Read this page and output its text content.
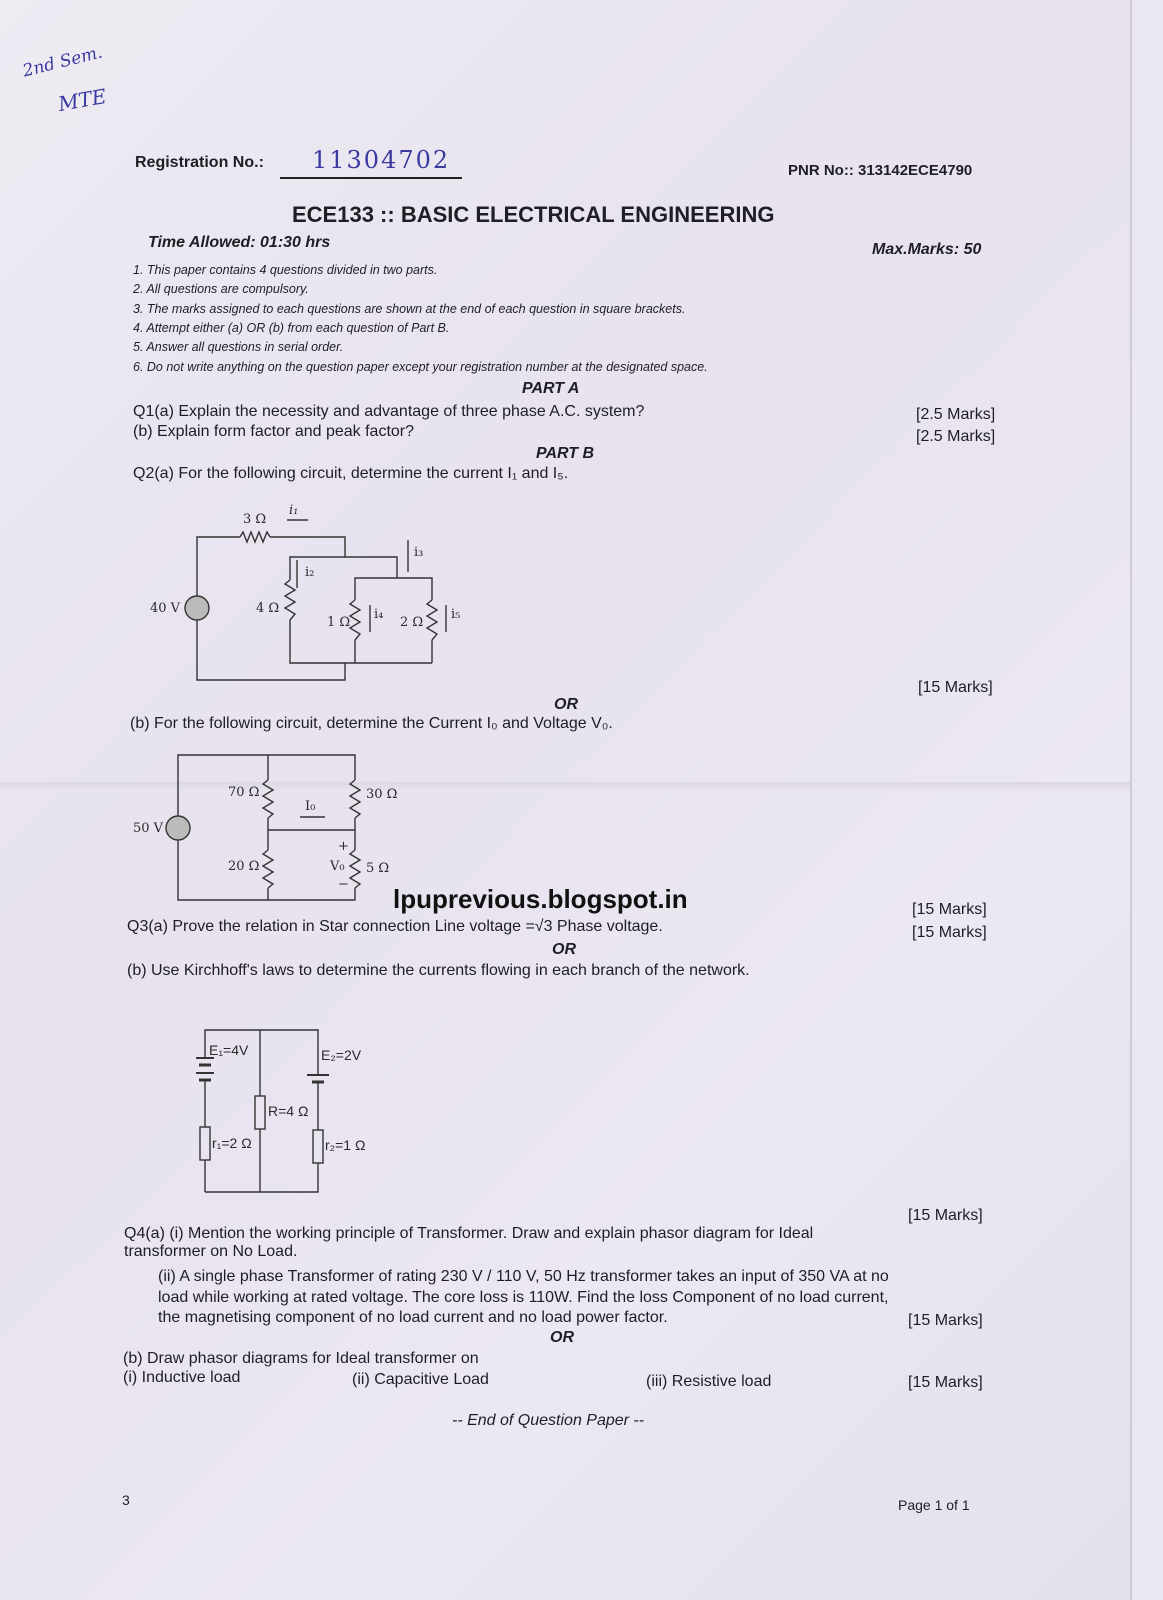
2nd Sem.
MTE
Registration No.: 11304702	PNR No:: 313142ECE4790
ECE133 :: BASIC ELECTRICAL ENGINEERING
Time Allowed: 01:30 hrs	Max.Marks: 50
1. This paper contains 4 questions divided in two parts.
2. All questions are compulsory.
3. The marks assigned to each questions are shown at the end of each question in square brackets.
4. Attempt either (a) OR (b) from each question of Part B.
5. Answer all questions in serial order.
6. Do not write anything on the question paper except your registration number at the designated space.
PART A
Q1(a) Explain the necessity and advantage of three phase A.C. system?	[2.5 Marks]
(b) Explain form factor and peak factor?	[2.5 Marks]
PART B
Q2(a) For the following circuit, determine the current I₁ and I₅.
[15 Marks]
OR
(b) For the following circuit, determine the Current I₀ and Voltage V₀.
lpuprevious.blogspot.in	[15 Marks]
Q3(a) Prove the relation in Star connection Line voltage =√3 Phase voltage.	[15 Marks]
OR
(b) Use Kirchhoff's laws to determine the currents flowing in each branch of the network.
[15 Marks]
Q4(a) (i) Mention the working principle of Transformer. Draw and explain phasor diagram for Ideal
transformer on No Load.
(ii) A single phase Transformer of rating 230 V / 110 V, 50 Hz transformer takes an input of 350 VA at no
load while working at rated voltage. The core loss is 110W. Find the loss Component of no load current,
the magnetising component of no load current and no load power factor.	[15 Marks]
OR
(b) Draw phasor diagrams for Ideal transformer on
(i) Inductive load	(ii) Capacitive Load	(iii) Resistive load	[15 Marks]
-- End of Question Paper --
3	Page 1 of 1
40 V
3 Ω
4 Ω
1 Ω	2 Ω
i₁
i₂
i₃
i₄	i₅
50 V
70 Ω	30 Ω
20 Ω	5 Ω
I₀
V₀
+
−
E₁=4V	E₂=2V
R=4 Ω
r₁=2 Ω	r₂=1 Ω
